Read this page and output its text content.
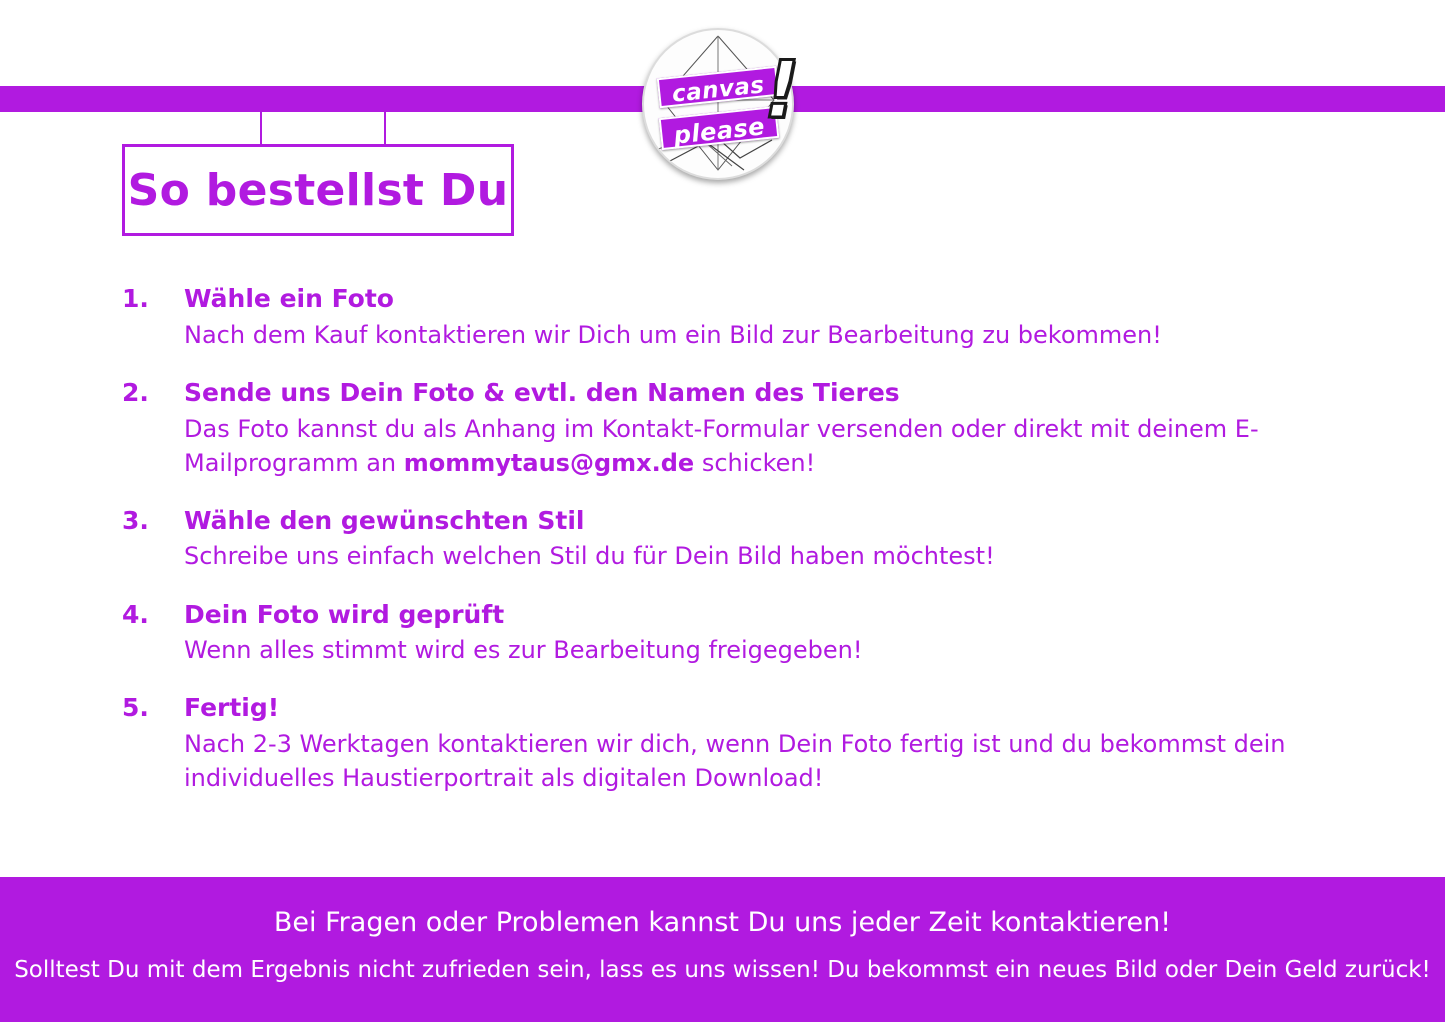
canvas
please
!
So bestellst Du
1.	Wähle ein Foto
Nach dem Kauf kontaktieren wir Dich um ein Bild zur Bearbeitung zu bekommen!
2.	Sende uns Dein Foto & evtl. den Namen des Tieres
Das Foto kannst du als Anhang im Kontakt-Formular versenden oder direkt mit deinem E-Mailprogramm an mommytaus@gmx.de schicken!
3.	Wähle den gewünschten Stil
Schreibe uns einfach welchen Stil du für Dein Bild haben möchtest!
4.	Dein Foto wird geprüft
Wenn alles stimmt wird es zur Bearbeitung freigegeben!
5.	Fertig!
Nach 2-3 Werktagen kontaktieren wir dich, wenn Dein Foto fertig ist und du bekommst dein individuelles Haustierportrait als digitalen Download!
Bei Fragen oder Problemen kannst Du uns jeder Zeit kontaktieren!
Solltest Du mit dem Ergebnis nicht zufrieden sein, lass es uns wissen! Du bekommst ein neues Bild oder Dein Geld zurück!
